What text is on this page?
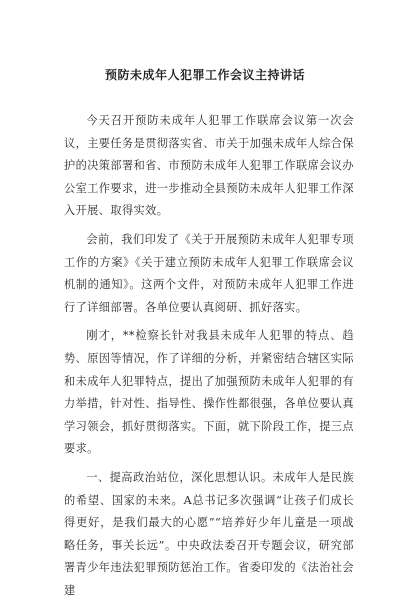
预防未成年人犯罪工作会议主持讲话

今天召开预防未成年人犯罪工作联席会议第一次会议，主要任务是贯彻落实省、市关于加强未成年人综合保护的决策部署和省、市预防未成年人犯罪工作联席会议办公室工作要求，进一步推动全县预防未成年人犯罪工作深入开展、取得实效。

会前，我们印发了《关于开展预防未成年人犯罪专项工作的方案》《关于建立预防未成年人犯罪工作联席会议机制的通知》。这两个文件，对预防未成年人犯罪工作进行了详细部署。各单位要认真阅研、抓好落实。

刚才，**检察长针对我县未成年人犯罪的特点、趋势、原因等情况，作了详细的分析，并紧密结合辖区实际和未成年人犯罪特点，提出了加强预防未成年人犯罪的有力举措，针对性、指导性、操作性都很强，各单位要认真学习领会，抓好贯彻落实。下面，就下阶段工作，提三点要求。

一、提高政治站位，深化思想认识。未成年人是民族的希望、国家的未来。A总书记多次强调“让孩子们成长得更好，是我们最大的心愿”“培养好少年儿童是一项战略任务，事关长远”。中央政法委召开专题会议，研究部署青少年违法犯罪预防惩治工作。省委印发的《法治社会建
